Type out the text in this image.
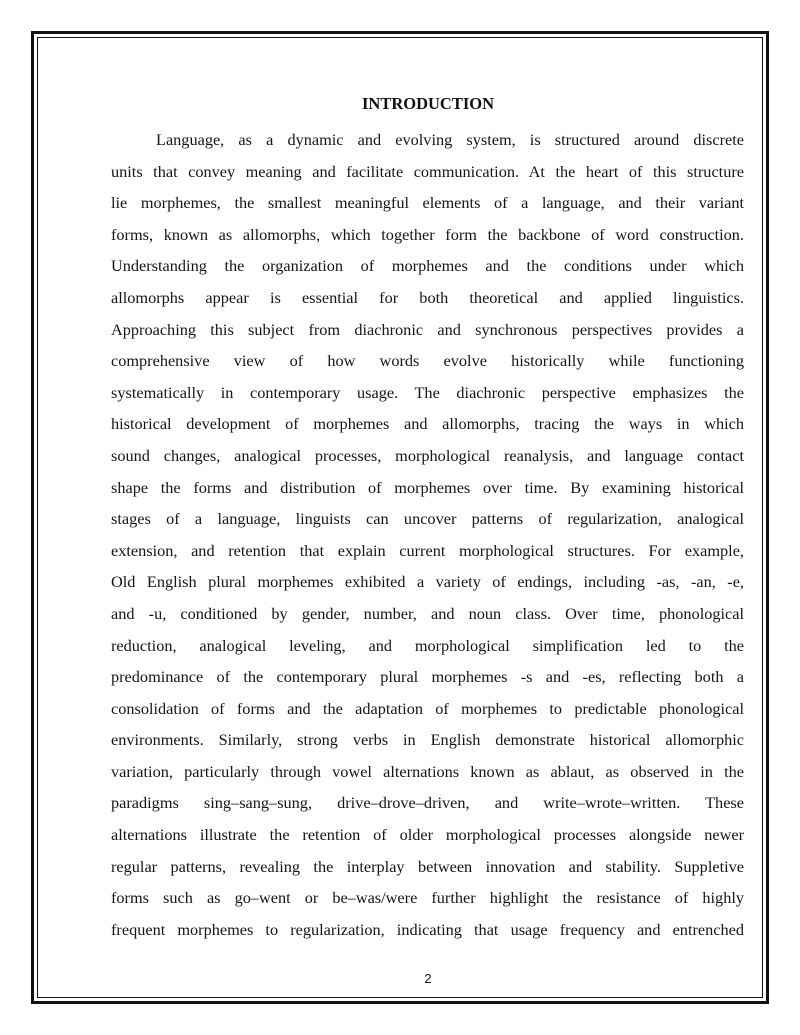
INTRODUCTION
Language, as a dynamic and evolving system, is structured around discrete
units that convey meaning and facilitate communication. At the heart of this structure
lie morphemes, the smallest meaningful elements of a language, and their variant
forms, known as allomorphs, which together form the backbone of word construction.
Understanding the organization of morphemes and the conditions under which
allomorphs appear is essential for both theoretical and applied linguistics.
Approaching this subject from diachronic and synchronous perspectives provides a
comprehensive view of how words evolve historically while functioning
systematically in contemporary usage. The diachronic perspective emphasizes the
historical development of morphemes and allomorphs, tracing the ways in which
sound changes, analogical processes, morphological reanalysis, and language contact
shape the forms and distribution of morphemes over time. By examining historical
stages of a language, linguists can uncover patterns of regularization, analogical
extension, and retention that explain current morphological structures. For example,
Old English plural morphemes exhibited a variety of endings, including -as, -an, -e,
and -u, conditioned by gender, number, and noun class. Over time, phonological
reduction, analogical leveling, and morphological simplification led to the
predominance of the contemporary plural morphemes -s and -es, reflecting both a
consolidation of forms and the adaptation of morphemes to predictable phonological
environments. Similarly, strong verbs in English demonstrate historical allomorphic
variation, particularly through vowel alternations known as ablaut, as observed in the
paradigms sing–sang–sung, drive–drove–driven, and write–wrote–written. These
alternations illustrate the retention of older morphological processes alongside newer
regular patterns, revealing the interplay between innovation and stability. Suppletive
forms such as go–went or be–was/were further highlight the resistance of highly
frequent morphemes to regularization, indicating that usage frequency and entrenched
2
